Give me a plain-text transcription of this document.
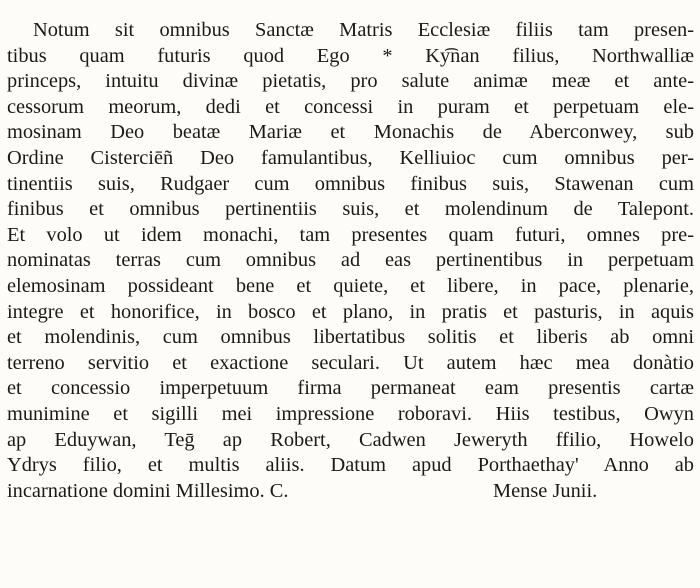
Notum sit omnibus Sanctæ Matris Ecclesiæ filiis tam presen-
tibus quam futuris quod Ego * Ky͡nan filius, Northwalliæ
princeps, intuitu divinæ pietatis, pro salute animæ meæ et ante-
cessorum meorum, dedi et concessi in puram et perpetuam ele-
mosinam Deo beatæ Mariæ et Monachis de Aberconwey, sub
Ordine Cisterciēñ Deo famulantibus, Kelliuioc cum omnibus per-
tinentiis suis, Rudgaer cum omnibus finibus suis, Stawenan cum
finibus et omnibus pertinentiis suis, et molendinum de Talepont.
Et volo ut idem monachi, tam presentes quam futuri, omnes pre-
nominatas terras cum omnibus ad eas pertinentibus in perpetuam
elemosinam possideant bene et quiete, et libere, in pace, plenarie,
integre et honorifice, in bosco et plano, in pratis et pasturis, in aquis
et molendinis, cum omnibus libertatibus solitis et liberis ab omni
terreno servitio et exactione seculari. Ut autem hæc mea donàtio
et concessio imperpetuum firma permaneat eam presentis cartæ
munimine et sigilli mei impressione roboravi. Hiis testibus, Owyn
ap Eduywan, Teḡ ap Robert, Cadwen Jeweryth ffilio, Howelo
Ydrys filio, et multis aliis. Datum apud Porthaethay' Anno ab
incarnatione domini Millesimo. C.	Mense Junii.
